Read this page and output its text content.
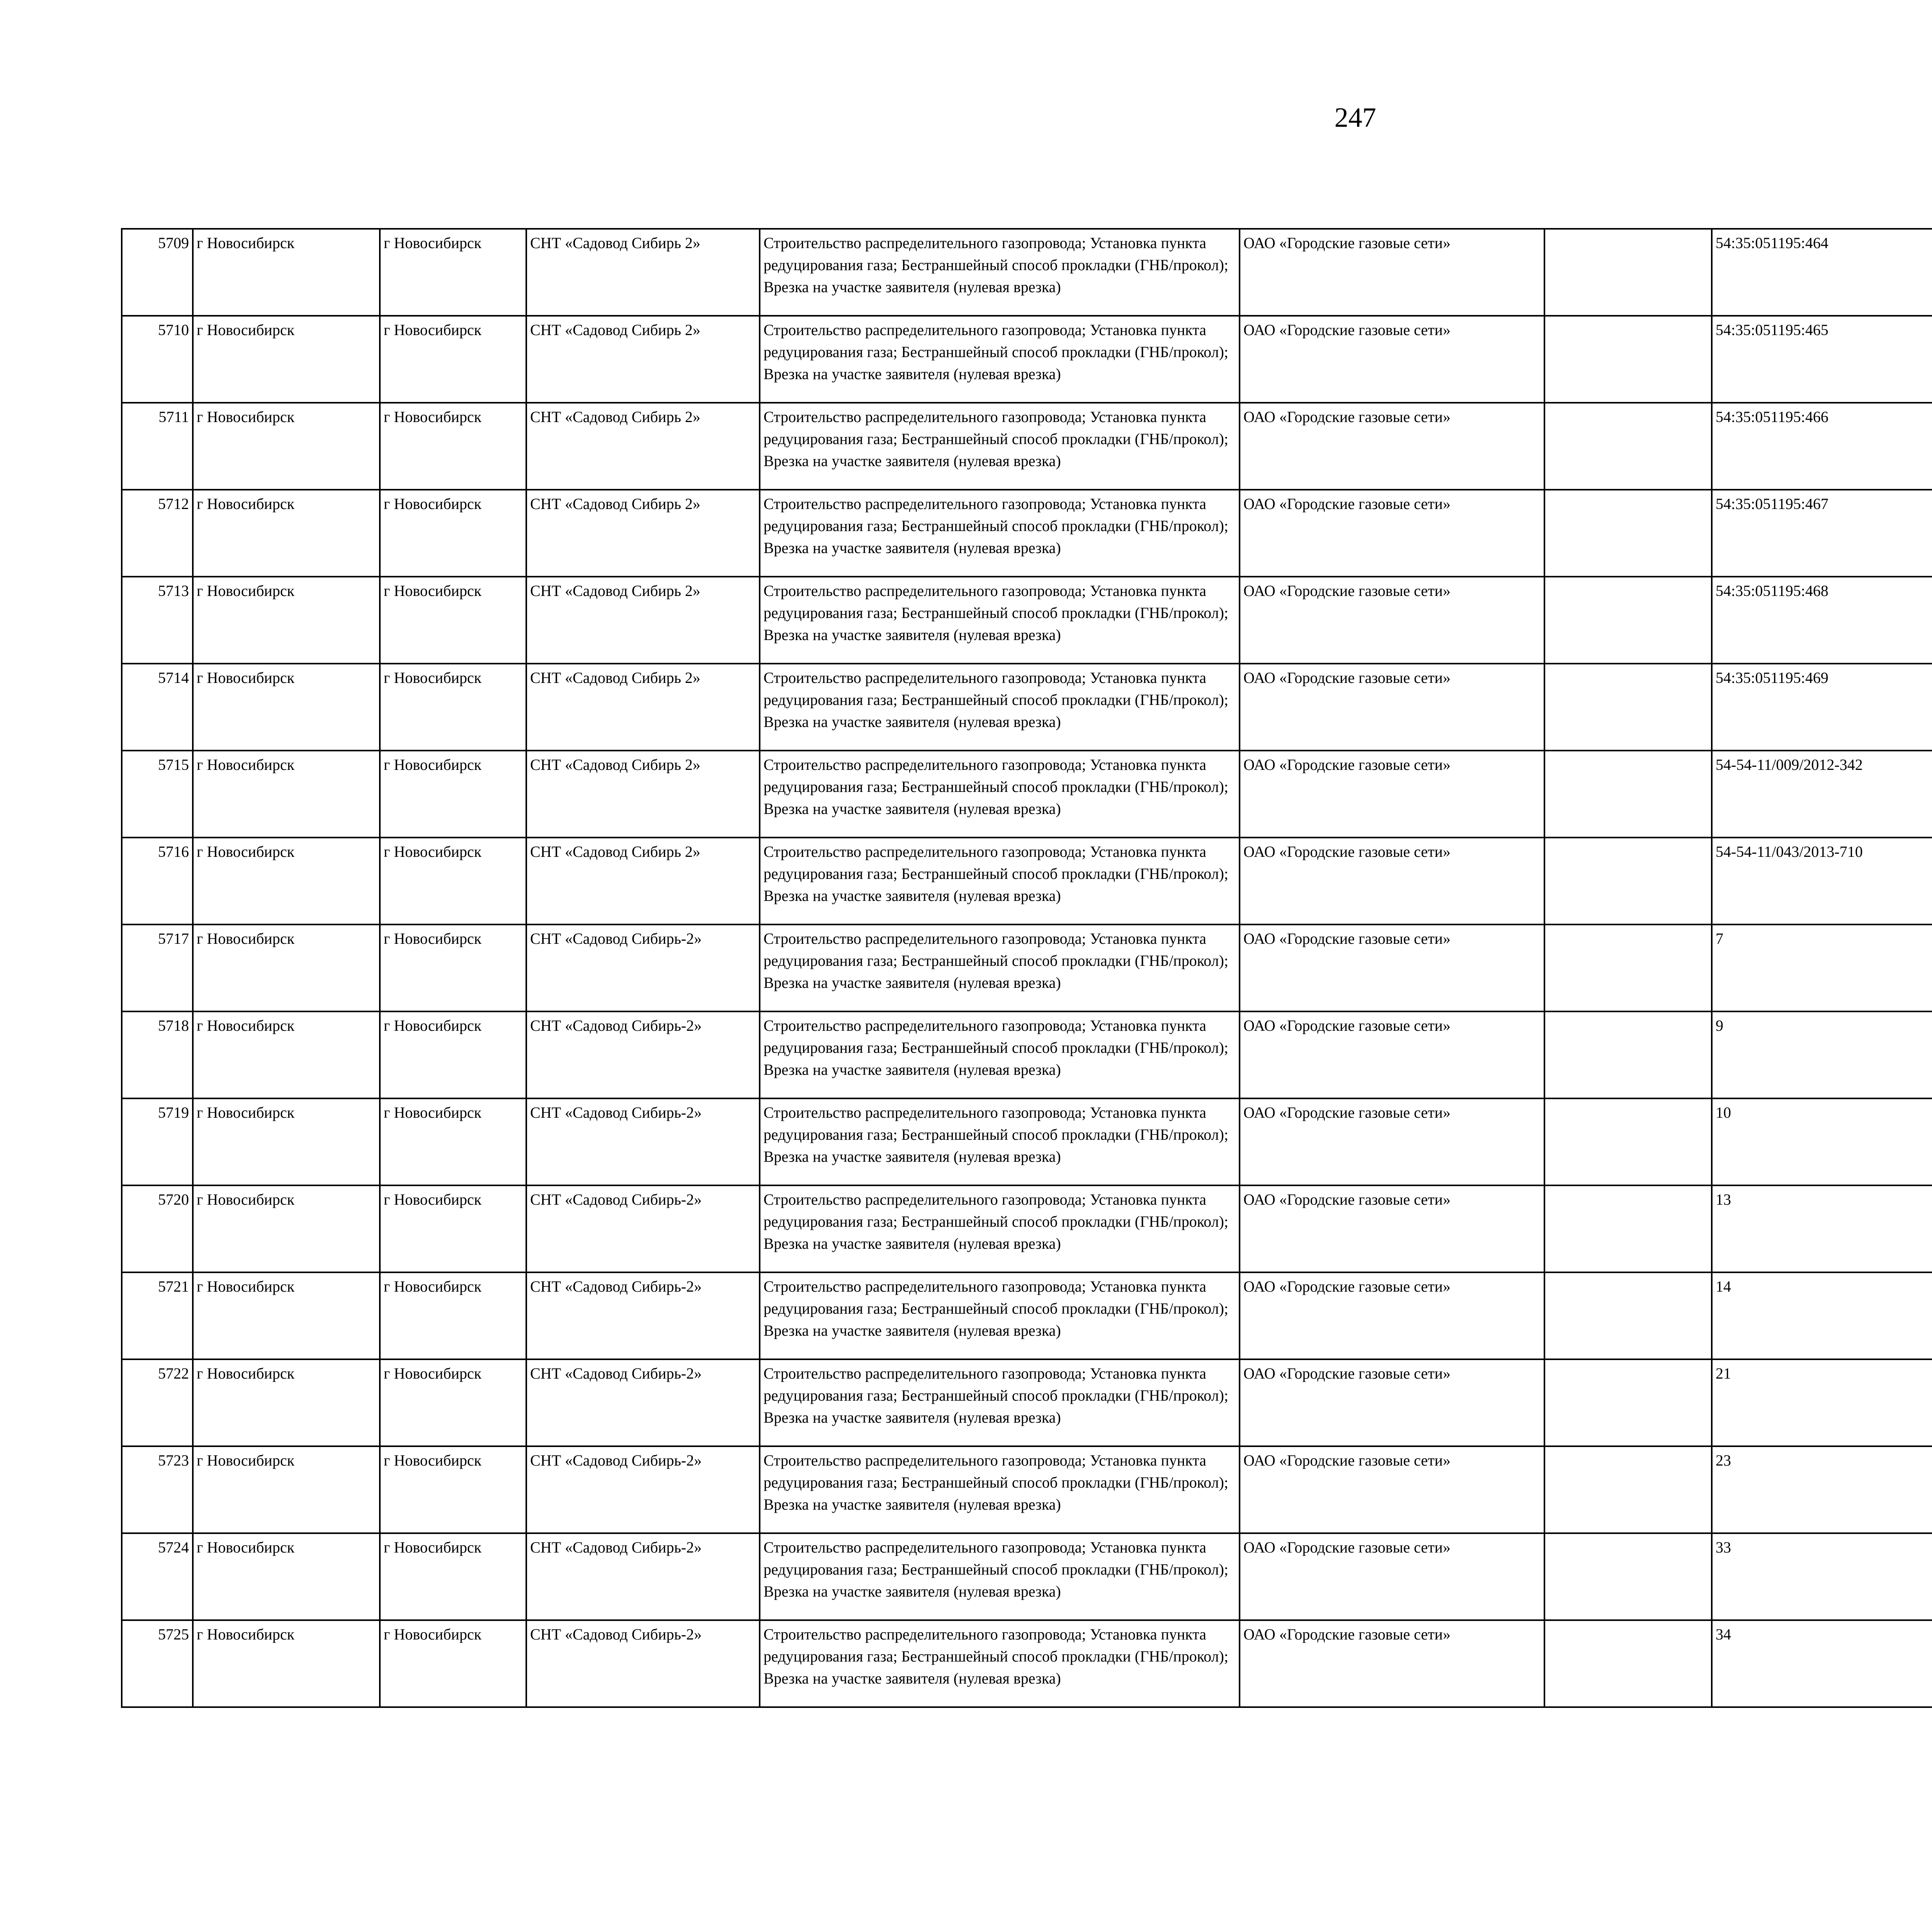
247
5709	г Новосибирск	г Новосибирск	СНТ «Садовод Сибирь 2»	Строительство распределительного газопровода; Установка пункта редуцирования газа; Бестраншейный способ прокладки (ГНБ/прокол); Врезка на участке заявителя (нулевая врезка)	ОАО «Городские газовые сети»		54:35:051195:464					
5710	г Новосибирск	г Новосибирск	СНТ «Садовод Сибирь 2»	Строительство распределительного газопровода; Установка пункта редуцирования газа; Бестраншейный способ прокладки (ГНБ/прокол); Врезка на участке заявителя (нулевая врезка)	ОАО «Городские газовые сети»		54:35:051195:465					
5711	г Новосибирск	г Новосибирск	СНТ «Садовод Сибирь 2»	Строительство распределительного газопровода; Установка пункта редуцирования газа; Бестраншейный способ прокладки (ГНБ/прокол); Врезка на участке заявителя (нулевая врезка)	ОАО «Городские газовые сети»		54:35:051195:466					
5712	г Новосибирск	г Новосибирск	СНТ «Садовод Сибирь 2»	Строительство распределительного газопровода; Установка пункта редуцирования газа; Бестраншейный способ прокладки (ГНБ/прокол); Врезка на участке заявителя (нулевая врезка)	ОАО «Городские газовые сети»		54:35:051195:467					
5713	г Новосибирск	г Новосибирск	СНТ «Садовод Сибирь 2»	Строительство распределительного газопровода; Установка пункта редуцирования газа; Бестраншейный способ прокладки (ГНБ/прокол); Врезка на участке заявителя (нулевая врезка)	ОАО «Городские газовые сети»		54:35:051195:468					
5714	г Новосибирск	г Новосибирск	СНТ «Садовод Сибирь 2»	Строительство распределительного газопровода; Установка пункта редуцирования газа; Бестраншейный способ прокладки (ГНБ/прокол); Врезка на участке заявителя (нулевая врезка)	ОАО «Городские газовые сети»		54:35:051195:469					
5715	г Новосибирск	г Новосибирск	СНТ «Садовод Сибирь 2»	Строительство распределительного газопровода; Установка пункта редуцирования газа; Бестраншейный способ прокладки (ГНБ/прокол); Врезка на участке заявителя (нулевая врезка)	ОАО «Городские газовые сети»		54-54-11/009/2012-342					
5716	г Новосибирск	г Новосибирск	СНТ «Садовод Сибирь 2»	Строительство распределительного газопровода; Установка пункта редуцирования газа; Бестраншейный способ прокладки (ГНБ/прокол); Врезка на участке заявителя (нулевая врезка)	ОАО «Городские газовые сети»		54-54-11/043/2013-710					
5717	г Новосибирск	г Новосибирск	СНТ «Садовод Сибирь-2»	Строительство распределительного газопровода; Установка пункта редуцирования газа; Бестраншейный способ прокладки (ГНБ/прокол); Врезка на участке заявителя (нулевая врезка)	ОАО «Городские газовые сети»		7					
5718	г Новосибирск	г Новосибирск	СНТ «Садовод Сибирь-2»	Строительство распределительного газопровода; Установка пункта редуцирования газа; Бестраншейный способ прокладки (ГНБ/прокол); Врезка на участке заявителя (нулевая врезка)	ОАО «Городские газовые сети»		9					
5719	г Новосибирск	г Новосибирск	СНТ «Садовод Сибирь-2»	Строительство распределительного газопровода; Установка пункта редуцирования газа; Бестраншейный способ прокладки (ГНБ/прокол); Врезка на участке заявителя (нулевая врезка)	ОАО «Городские газовые сети»		10					
5720	г Новосибирск	г Новосибирск	СНТ «Садовод Сибирь-2»	Строительство распределительного газопровода; Установка пункта редуцирования газа; Бестраншейный способ прокладки (ГНБ/прокол); Врезка на участке заявителя (нулевая врезка)	ОАО «Городские газовые сети»		13					
5721	г Новосибирск	г Новосибирск	СНТ «Садовод Сибирь-2»	Строительство распределительного газопровода; Установка пункта редуцирования газа; Бестраншейный способ прокладки (ГНБ/прокол); Врезка на участке заявителя (нулевая врезка)	ОАО «Городские газовые сети»		14					
5722	г Новосибирск	г Новосибирск	СНТ «Садовод Сибирь-2»	Строительство распределительного газопровода; Установка пункта редуцирования газа; Бестраншейный способ прокладки (ГНБ/прокол); Врезка на участке заявителя (нулевая врезка)	ОАО «Городские газовые сети»		21					
5723	г Новосибирск	г Новосибирск	СНТ «Садовод Сибирь-2»	Строительство распределительного газопровода; Установка пункта редуцирования газа; Бестраншейный способ прокладки (ГНБ/прокол); Врезка на участке заявителя (нулевая врезка)	ОАО «Городские газовые сети»		23					
5724	г Новосибирск	г Новосибирск	СНТ «Садовод Сибирь-2»	Строительство распределительного газопровода; Установка пункта редуцирования газа; Бестраншейный способ прокладки (ГНБ/прокол); Врезка на участке заявителя (нулевая врезка)	ОАО «Городские газовые сети»		33					
5725	г Новосибирск	г Новосибирск	СНТ «Садовод Сибирь-2»	Строительство распределительного газопровода; Установка пункта редуцирования газа; Бестраншейный способ прокладки (ГНБ/прокол); Врезка на участке заявителя (нулевая врезка)	ОАО «Городские газовые сети»		34					
